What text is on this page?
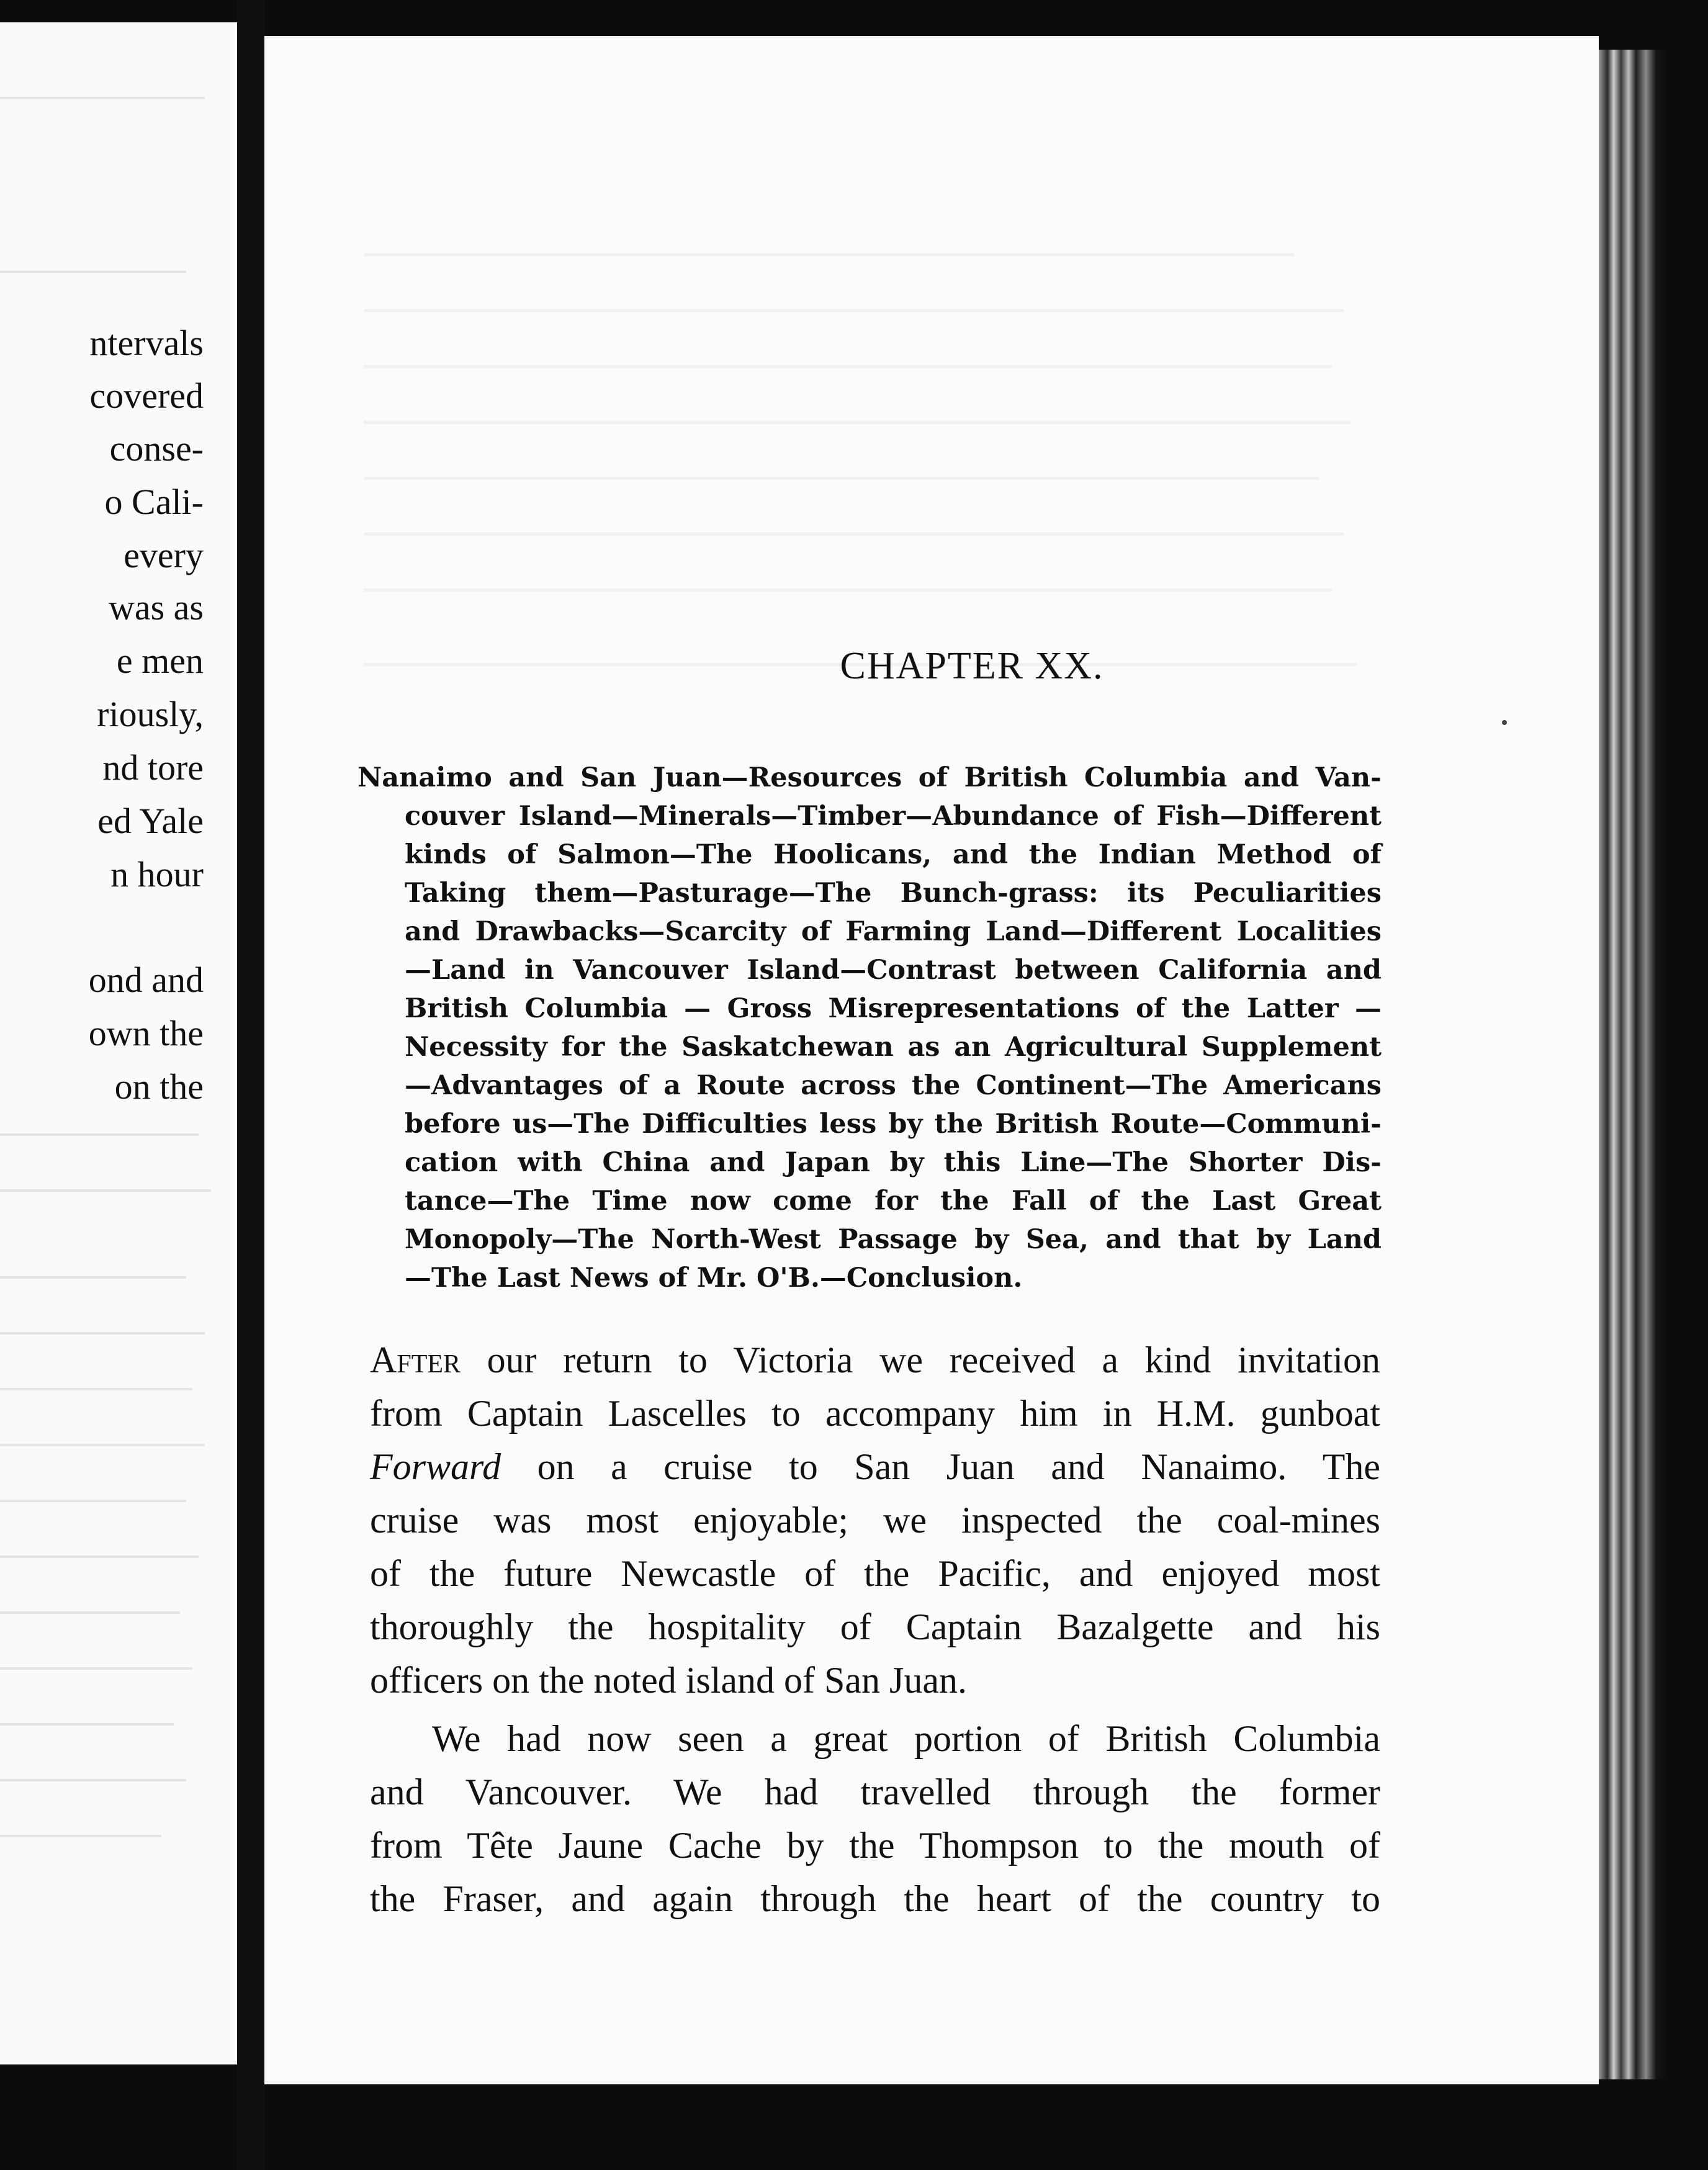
ntervals
covered
conse-
o Cali-
every
was as
e men
riously,
nd tore
ed Yale
n hour
ond and
own the
on the
CHAPTER XX.
Nanaimo and San Juan—Resources of British Columbia and Van-
couver Island—Minerals—Timber—Abundance of Fish—Different
kinds of Salmon—The Hoolicans, and the Indian Method of
Taking them—Pasturage—The Bunch-grass: its Peculiarities
and Drawbacks—Scarcity of Farming Land—Different Localities
—Land in Vancouver Island—Contrast between California and
British Columbia — Gross Misrepresentations of the Latter —
Necessity for the Saskatchewan as an Agricultural Supplement
—Advantages of a Route across the Continent—The Americans
before us—The Difficulties less by the British Route—Communi-
cation with China and Japan by this Line—The Shorter Dis-
tance—The Time now come for the Fall of the Last Great
Monopoly—The North-West Passage by Sea, and that by Land
—The Last News of Mr. O'B.—Conclusion.
After our return to Victoria we received a kind invitation
from Captain Lascelles to accompany him in H.M. gunboat
Forward on a cruise to San Juan and Nanaimo. The
cruise was most enjoyable; we inspected the coal-mines
of the future Newcastle of the Pacific, and enjoyed most
thoroughly the hospitality of Captain Bazalgette and his
officers on the noted island of San Juan.
We had now seen a great portion of British Columbia
and Vancouver. We had travelled through the former
from Tête Jaune Cache by the Thompson to the mouth of
the Fraser, and again through the heart of the country to
